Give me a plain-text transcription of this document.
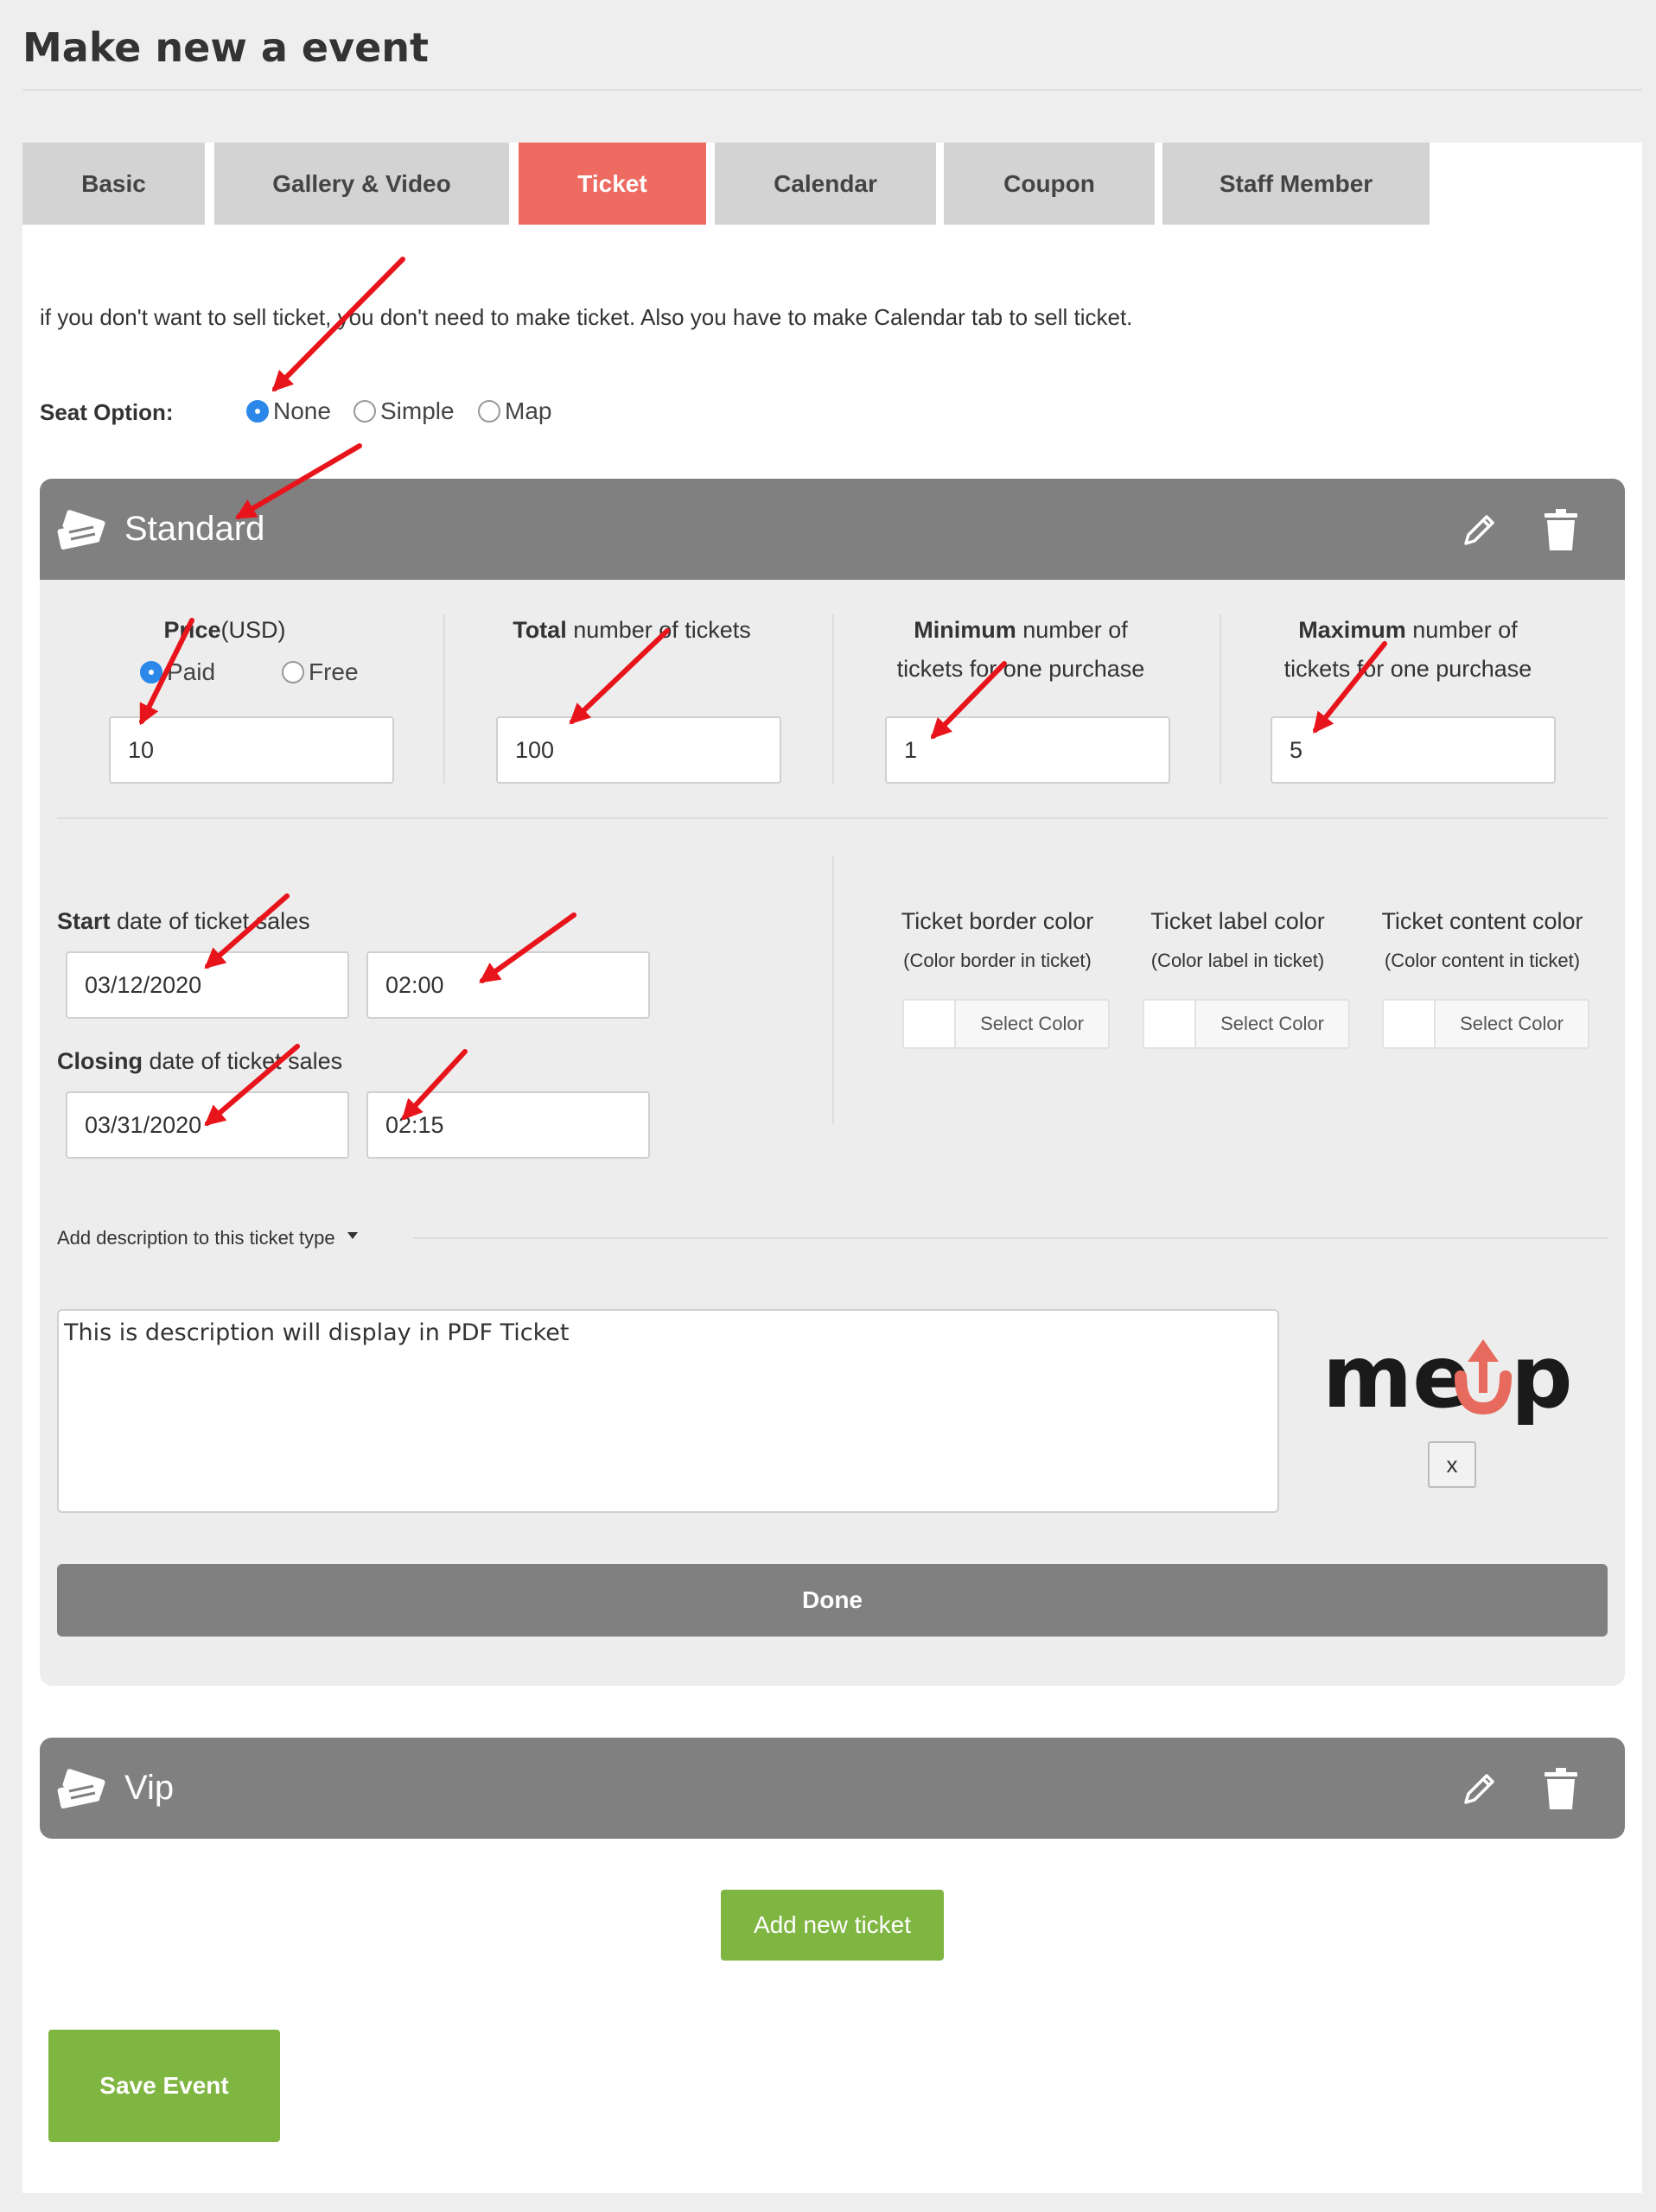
Make new a event
Basic	Gallery & Video	Ticket	Calendar	Coupon	Staff Member
if you don't want to sell ticket, you don't need to make ticket. Also you have to make Calendar tab to sell ticket.
Seat Option:	None Simple Map
Standard
Price(USD)
Paid	Free
10
Total number of tickets
100
Minimum number of
tickets for one purchase
1
Maximum number of
tickets for one purchase
5
Start date of ticket sales
03/12/2020	02:00
Closing date of ticket sales
03/31/2020	02:15
Ticket border color
(Color border in ticket)
Select Color
Ticket label color
(Color label in ticket)
Select Color
Ticket content color
(Color content in ticket)
Select Color
Add description to this ticket type
This is description will display in PDF Ticket
me p
x
Done
Vip
Add new ticket
Save Event
